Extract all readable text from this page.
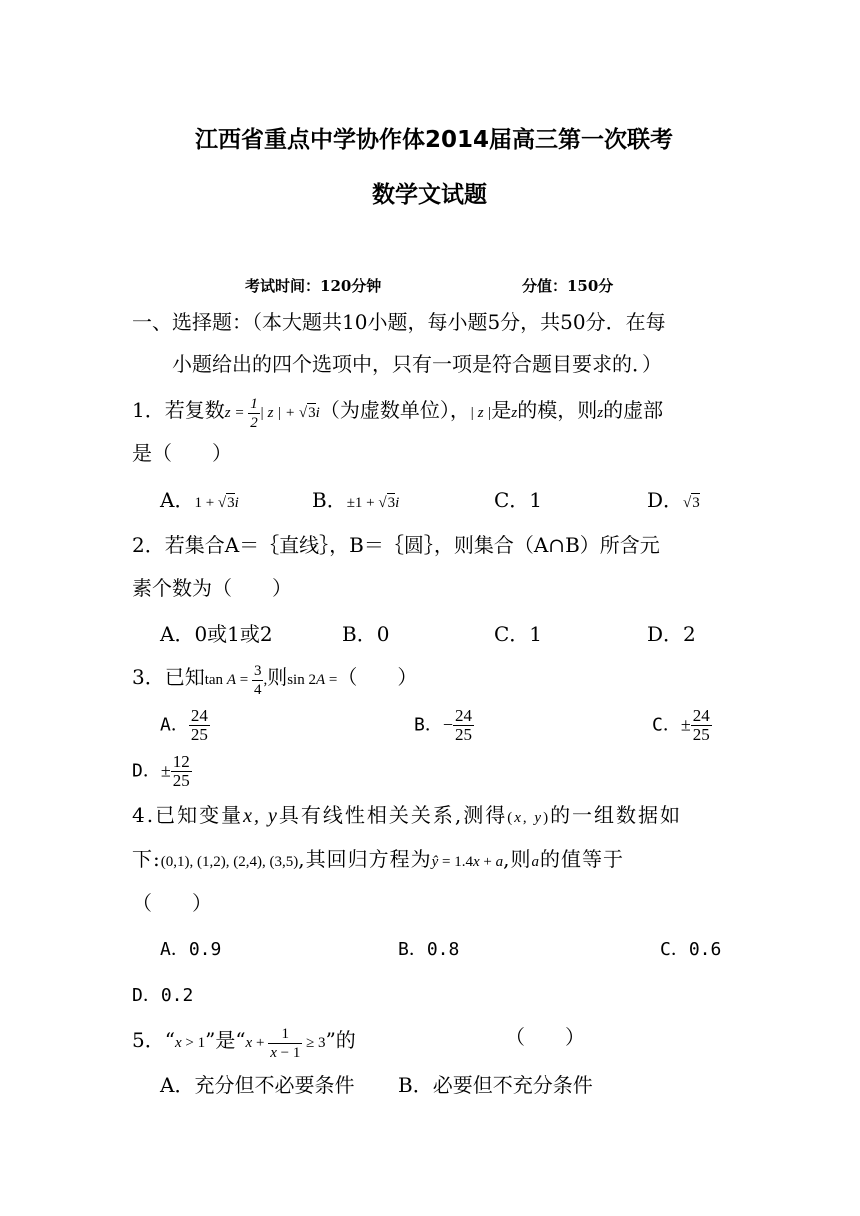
江西省重点中学协作体2014届高三第一次联考
数学文试题
考试时间：120分钟	分值：150分
一、选择题：（本大题共10小题，每小题5分，共50分．在每
小题给出的四个选项中，只有一项是符合题目要求的．）
1．若复数$z = \frac{1}{2}$ | z | + √3i（为虚数单位），| z |是z的模，则z的虚部
是（　　）
A．1 + √3i	B．±1 + √3i	C．1	D．√3
2．若集合A＝｛直线｝，B＝｛圆｝，则集合（A∩B）所含元
素个数为（　　）
A．0或1或2	B．0	C．1	D．2
3．已知$\tan A = \frac{3}{4}$ ,则sin 2A =（　　）
A． $\frac{24}{25}$	B．− $\frac{24}{25}$	C．± $\frac{24}{25}$
D．± $\frac{12}{25}$
4.已知变量x, y具有线性相关关系,测得(x, y)的一组数据如
下:(0,1), (1,2), (2,4), (3,5),其回归方程为ŷ = 1.4x + a,则a的值等于
（　　）
A．0.9	B．0.8	C．0.6
D．0.2
5．“x > 1”是“$x + \frac{1}{x - 1} \ge 3$”的	（　　）
A．充分但不必要条件 B．必要但不充分条件
